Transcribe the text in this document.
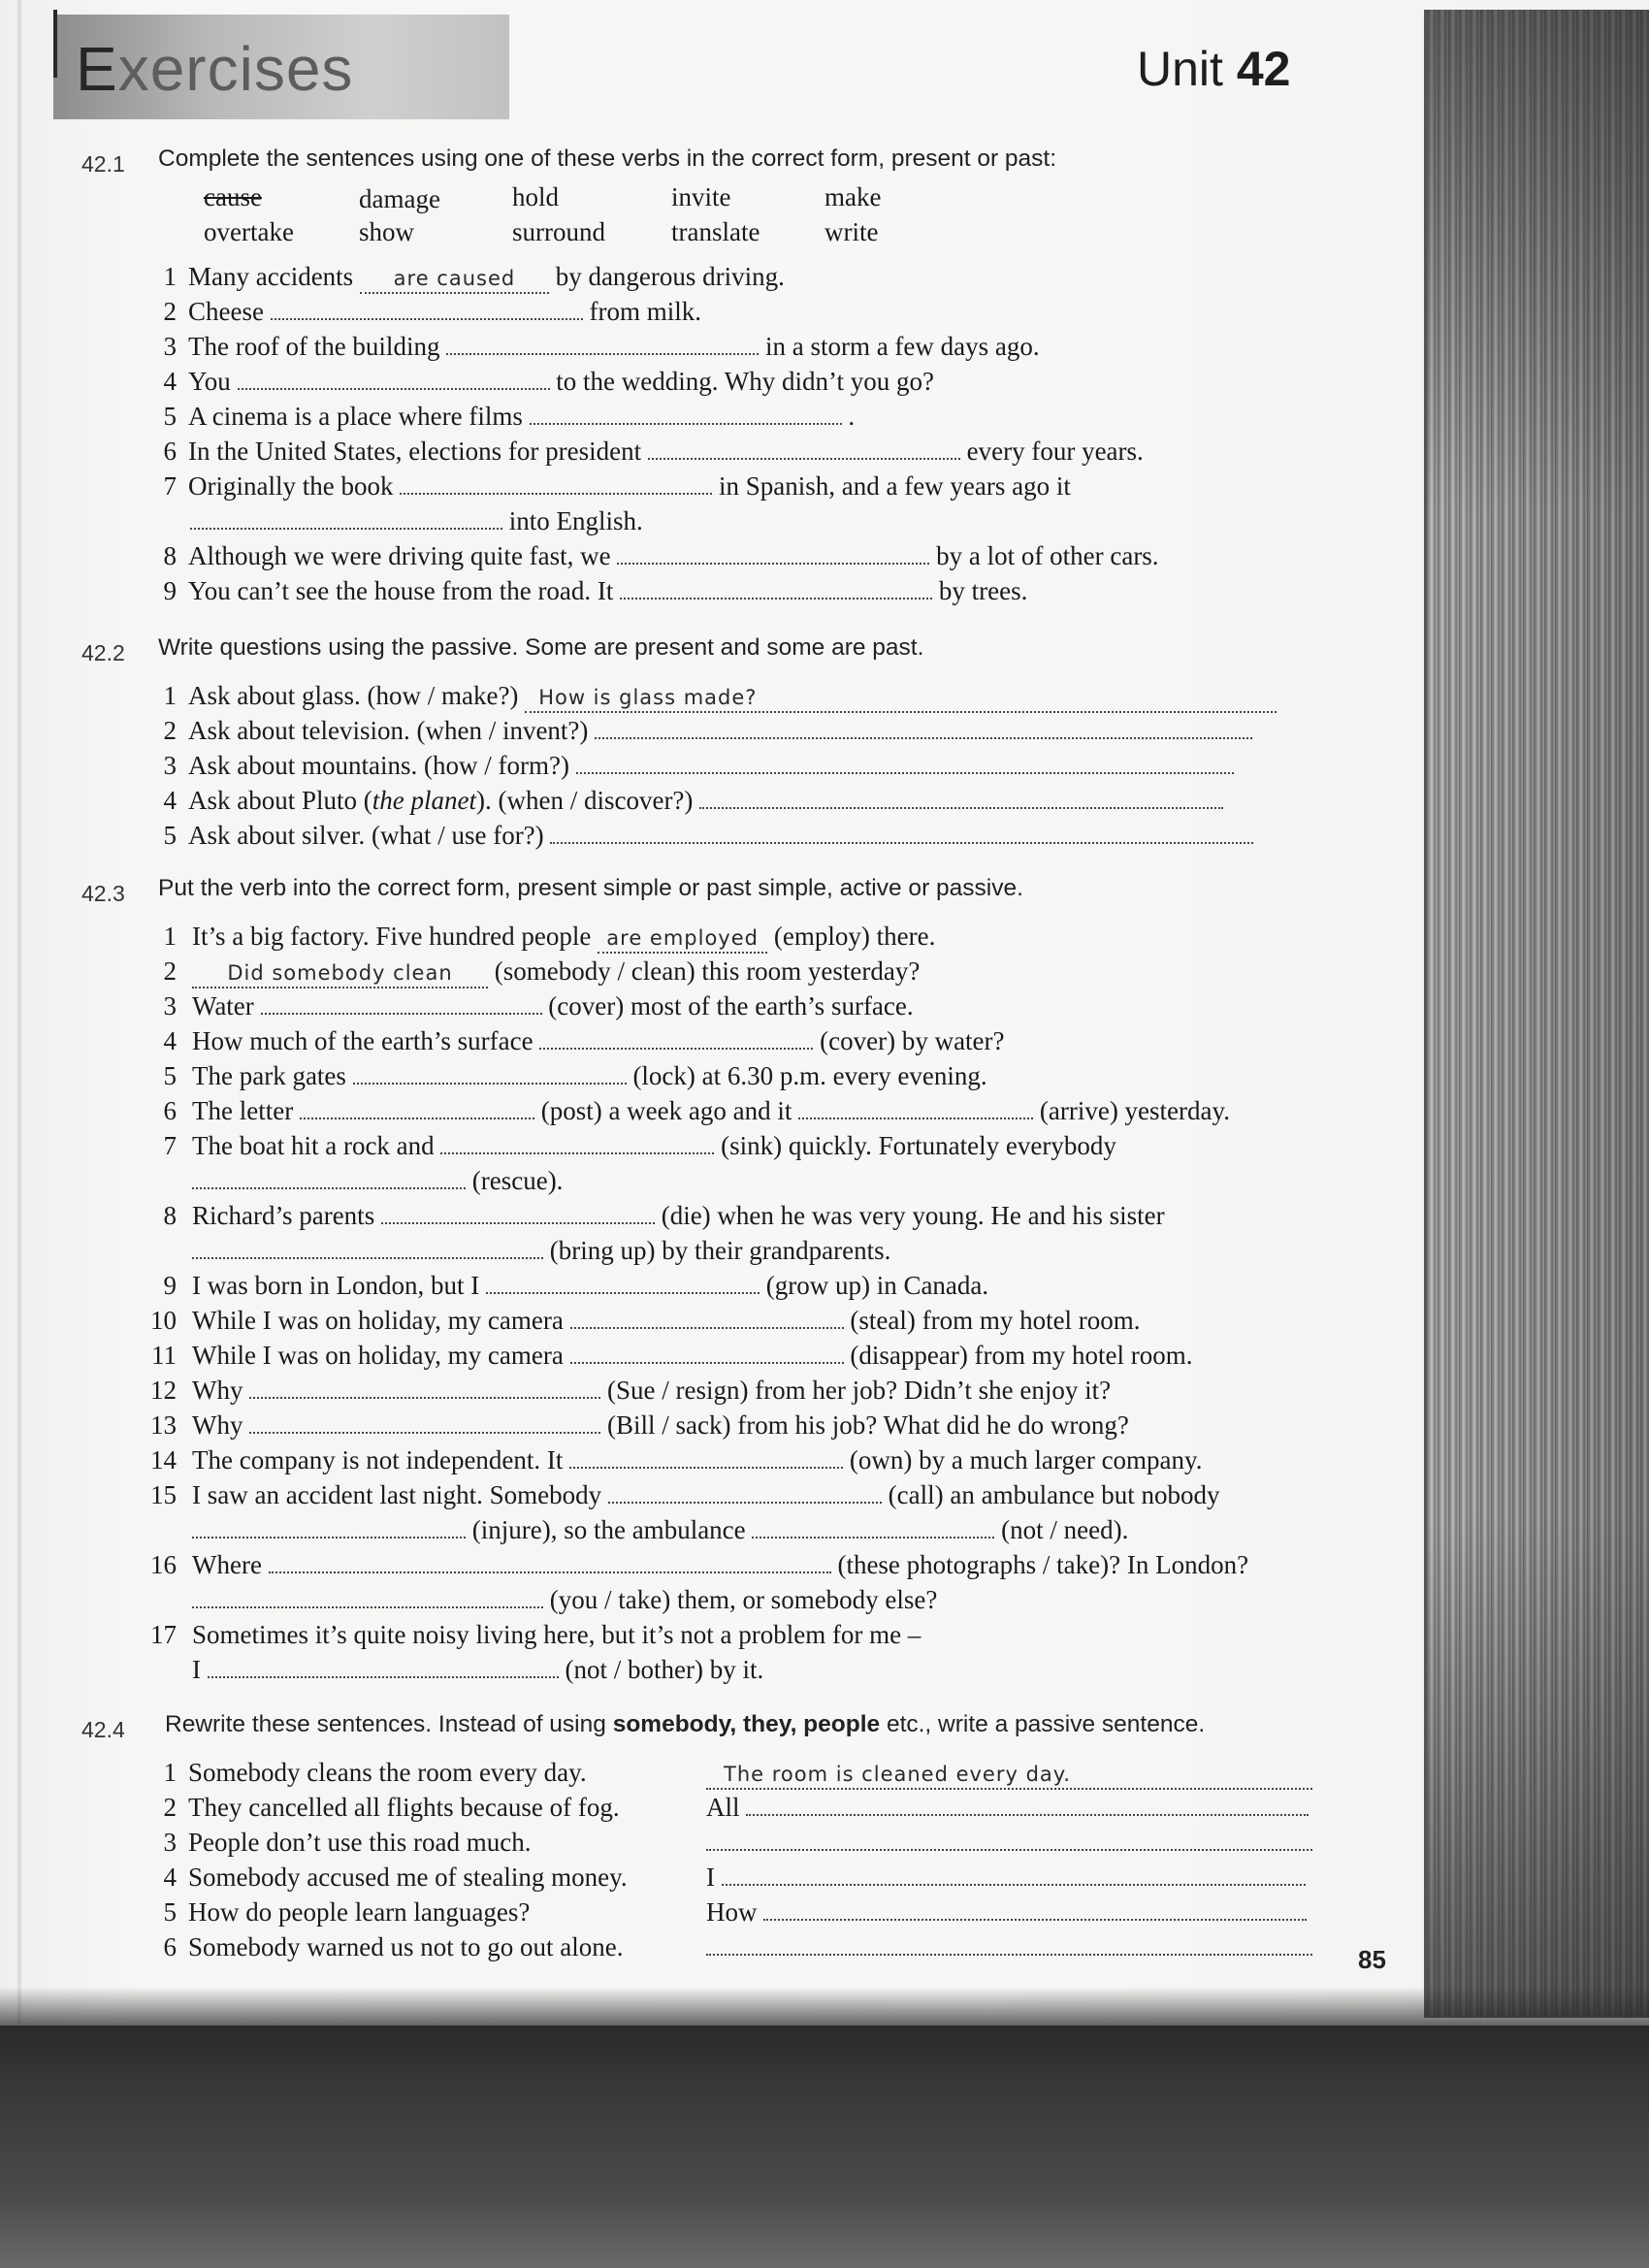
Exercises	Unit 42
42.1 Complete the sentences using one of these verbs in the correct form, present or past:
cause	damage	hold	invite	make
overtake show	surround	translate write
1 Many accidents are caused by dangerous driving.
2 Cheese	from milk.
3 The roof of the building	in a storm a few days ago.
4 You	to the wedding. Why didn’t you go?
5 A cinema is a place where films	.
6 In the United States, elections for president	every four years.
7 Originally the book	in Spanish, and a few years ago it
into English.
8 Although we were driving quite fast, we	by a lot of other cars.
9 You can’t see the house from the road. It	by trees.
42.2 Write questions using the passive. Some are present and some are past.
1 Ask about glass. (how / make?) How is glass made?
2 Ask about television. (when / invent?)
3 Ask about mountains. (how / form?)
4 Ask about Pluto (the planet). (when / discover?)
5 Ask about silver. (what / use for?)
42.3 Put the verb into the correct form, present simple or past simple, active or passive.
1 It’s a big factory. Five hundred people are employed (employ) there.
2	Did somebody clean (somebody / clean) this room yesterday?
3 Water	(cover) most of the earth’s surface.
4 How much of the earth’s surface	(cover) by water?
5 The park gates	(lock) at 6.30 p.m. every evening.
6 The letter	(post) a week ago and it	(arrive) yesterday.
7 The boat hit a rock and	(sink) quickly. Fortunately everybody
(rescue).
8 Richard’s parents	(die) when he was very young. He and his sister
(bring up) by their grandparents.
9 I was born in London, but I	(grow up) in Canada.
10 While I was on holiday, my camera	(steal) from my hotel room.
11 While I was on holiday, my camera	(disappear) from my hotel room.
12 Why	(Sue / resign) from her job? Didn’t she enjoy it?
13 Why	(Bill / sack) from his job? What did he do wrong?
14 The company is not independent. It	(own) by a much larger company.
15 I saw an accident last night. Somebody	(call) an ambulance but nobody
(injure), so the ambulance	(not / need).
16 Where	(these photographs / take)? In London?
(you / take) them, or somebody else?
17 Sometimes it’s quite noisy living here, but it’s not a problem for me –
I	(not / bother) by it.
42.4 Rewrite these sentences. Instead of using somebody, they, people etc., write a passive sentence.
1 Somebody cleans the room every day.	The room is cleaned every day.
2 They cancelled all flights because of fog.	All
3 People don’t use this road much.
4 Somebody accused me of stealing money.	I
5 How do people learn languages?	How
6 Somebody warned us not to go out alone.	85
